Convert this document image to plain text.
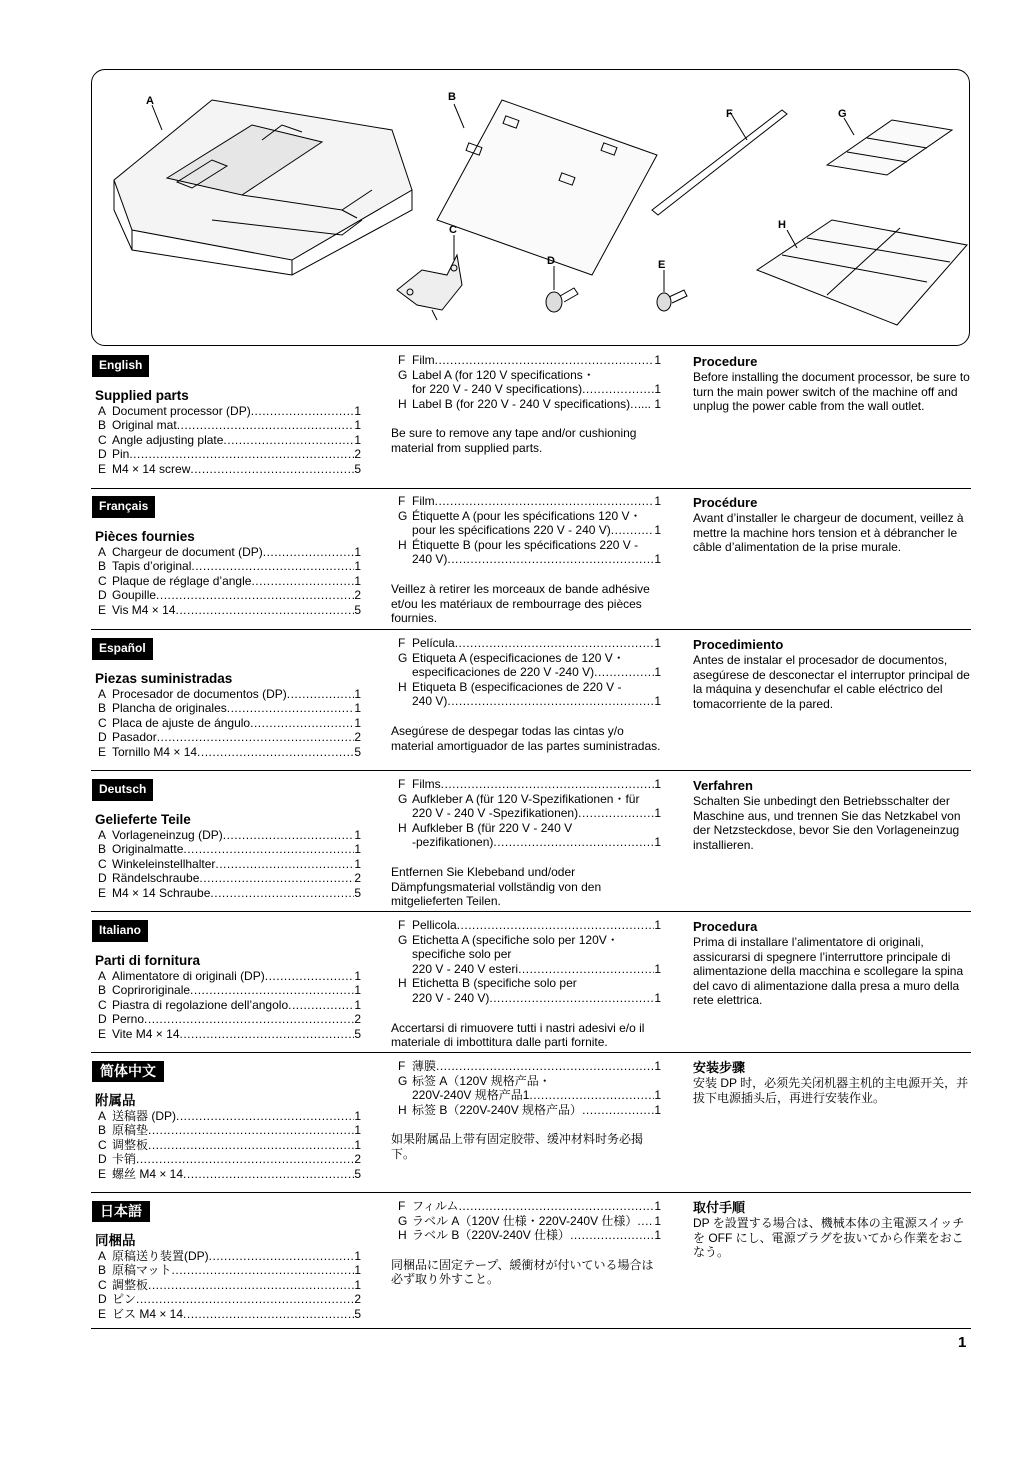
A	B
C
D	E
F	G
H
English
Supplied parts
A Document processor (DP) .....	1
B Original mat .....	1
C Angle adjusting plate .....	1
D Pin .....	2
E M4 × 14 screw .....	5
F Film .....	1
G Label A (for 120 V specifications・
for 220 V - 240 V specifications) .....	1
H Label B (for 220 V - 240 V specifications) ..... ... 1
Be sure to remove any tape and/or cushioning material from supplied parts.
Procedure
Before installing the document processor, be sure to turn the main power switch of the machine off and unplug the power cable from the wall outlet.
Français
Pièces fournies
A Chargeur de document (DP) .....	1
B Tapis d’original .....	1
C Plaque de réglage d’angle .....	1
D Goupille .....	2
E Vis M4 × 14 .....	5
F Film .....	1
G Étiquette A (pour les spécifications 120 V・
pour les spécifications 220 V - 240 V) .....	1
H Étiquette B (pour les spécifications 220 V -
240 V) .....	1
Veillez à retirer les morceaux de bande adhésive et/ou les matériaux de rembourrage des pièces fournies.
Procédure
Avant d’installer le chargeur de document, veillez à mettre la machine hors tension et à débrancher le câble d’alimentation de la prise murale.
Español
Piezas suministradas
A Procesador de documentos (DP) .....	1
B Plancha de originales .....	1
C Placa de ajuste de ángulo .....	1
D Pasador .....	2
E Tornillo M4 × 14 .....	5
F Película .....	1
G Etiqueta A (especificaciones de 120 V・
especificaciones de 220 V -240 V) .....	1
H Etiqueta B (especificaciones de 220 V -
240 V) .....	1
Asegúrese de despegar todas las cintas y/o material amortiguador de las partes suministradas.
Procedimiento
Antes de instalar el procesador de documentos, asegúrese de desconectar el interruptor principal de la máquina y desenchufar el cable eléctrico del tomacorriente de la pared.
Deutsch
Gelieferte Teile
A Vorlageneinzug (DP) .....	1
B Originalmatte .....	1
C Winkeleinstellhalter .....	1
D Rändelschraube .....	2
E M4 × 14 Schraube .....	5
F Films .....	1
G Aufkleber A (für 120 V-Spezifikationen・für
220 V - 240 V -Spezifikationen) .....	1
H Aufkleber B (für 220 V - 240 V
-pezifikationen) .....	1
Entfernen Sie Klebeband und/oder Dämpfungsmaterial vollständig von den mitgelieferten Teilen.
Verfahren
Schalten Sie unbedingt den Betriebsschalter der Maschine aus, und trennen Sie das Netzkabel von der Netzsteckdose, bevor Sie den Vorlageneinzug installieren.
Italiano
Parti di fornitura
A Alimentatore di originali (DP) .....	1
B Copriroriginale .....	1
C Piastra di regolazione dell’angolo .....	1
D Perno .....	2
E Vite M4 × 14 .....	5
F Pellicola .....	1
G Etichetta A (specifiche solo per 120V・
specifiche solo per
220 V - 240 V esteri .....	1
H Etichetta B (specifiche solo per
220 V - 240 V) .....	1
Accertarsi di rimuovere tutti i nastri adesivi e/o il materiale di imbottitura dalle parti fornite.
Procedura
Prima di installare l’alimentatore di originali, assicurarsi di spegnere l’interruttore principale di alimentazione della macchina e scollegare la spina del cavo di alimentazione dalla presa a muro della rete elettrica.
简体中文
附属品
A 送稿器 (DP) .....	1
B 原稿垫 .....	1
C 调整板 .....	1
D 卡销 .....	2
E 螺丝 M4 × 14 .....	5
F 薄膜 .....	1
G 标签 A（120V 规格产品・
220V-240V 规格产品1 .....	1
H 标签 B（220V-240V 规格产品） .....	1
如果附属品上带有固定胶带、缓冲材料时务必揭下。
安装步骤
安装 DP 时，必须先关闭机器主机的主电源开关，并拔下电源插头后，再进行安装作业。
日本語
同梱品
A 原稿送り装置(DP) .....	1
B 原稿マット .....	1
C 調整板 .....	1
D ピン .....	2
E ビス M4 × 14 .....	5
F フィルム .....	1
G ラベル A（120V 仕様・220V-240V 仕様） ..... 1
H ラベル B（220V-240V 仕様） .....	1
同梱品に固定テープ、緩衝材が付いている場合は必ず取り外すこと。
取付手順
DP を設置する場合は、機械本体の主電源スイッチを OFF にし、電源プラグを抜いてから作業をおこなう。
1
